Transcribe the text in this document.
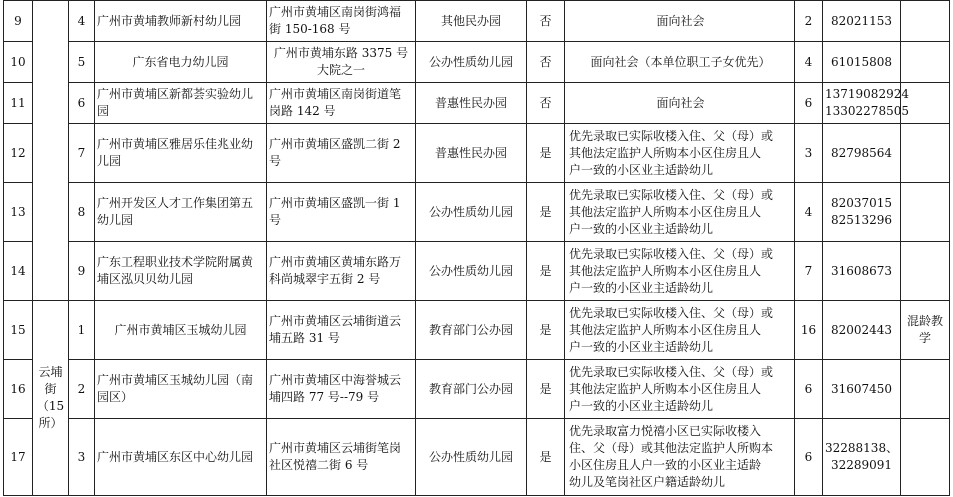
9		4	广州市黄埔教师新村幼儿园	广州市黄埔区南岗街鸿福
街 150-168 号	其他民办园	否	面向社会	2	82021153	
10		5	广东省电力幼儿园	广州市黄埔东路 3375 号
大院之一	公办性质幼儿园	否	面向社会（本单位职工子女优先）	4	61015808	
11		6	广州市黄埔区新都荟实验幼儿
园	广州市黄埔区南岗街道笔
岗路 142 号	普惠性民办园	否	面向社会	6	13719082924
13302278505	
12		7	广州市黄埔区雅居乐佳兆业幼
儿园	广州市黄埔区盛凯二街 2
号	普惠性民办园	是	优先录取已实际收楼入住、父（母）或
其他法定监护人所购本小区住房且人
户一致的小区业主适龄幼儿	3	82798564	
13		8	广州开发区人才工作集团第五
幼儿园	广州市黄埔区盛凯一街 1
号	公办性质幼儿园	是	优先录取已实际收楼入住、父（母）或
其他法定监护人所购本小区住房且人
户一致的小区业主适龄幼儿	4	82037015
82513296	
14		9	广东工程职业技术学院附属黄
埔区泓贝贝幼儿园	广州市黄埔区黄埔东路万
科尚城翠宇五街 2 号	公办性质幼儿园	是	优先录取已实际收楼入住、父（母）或
其他法定监护人所购本小区住房且人
户一致的小区业主适龄幼儿	7	31608673	
15	云埔
街
（15
所）	1	广州市黄埔区玉城幼儿园	广州市黄埔区云埔街道云
埔五路 31 号	教育部门公办园	是	优先录取已实际收楼入住、父（母）或
其他法定监护人所购本小区住房且人
户一致的小区业主适龄幼儿	16	82002443	混龄教学
16		2	广州市黄埔区玉城幼儿园（南
园区）	广州市黄埔区中海誉城云
埔四路 77 号--79 号	教育部门公办园	是	优先录取已实际收楼入住、父（母）或
其他法定监护人所购本小区住房且人
户一致的小区业主适龄幼儿	6	31607450	
17		3	广州市黄埔区东区中心幼儿园	广州市黄埔区云埔街笔岗
社区悦禧二街 6 号	公办性质幼儿园	是	优先录取富力悦禧小区已实际收楼入
住、父（母）或其他法定监护人所购本
小区住房且人户一致的小区业主适龄
幼儿及笔岗社区户籍适龄幼儿	6	32288138、
32289091	
